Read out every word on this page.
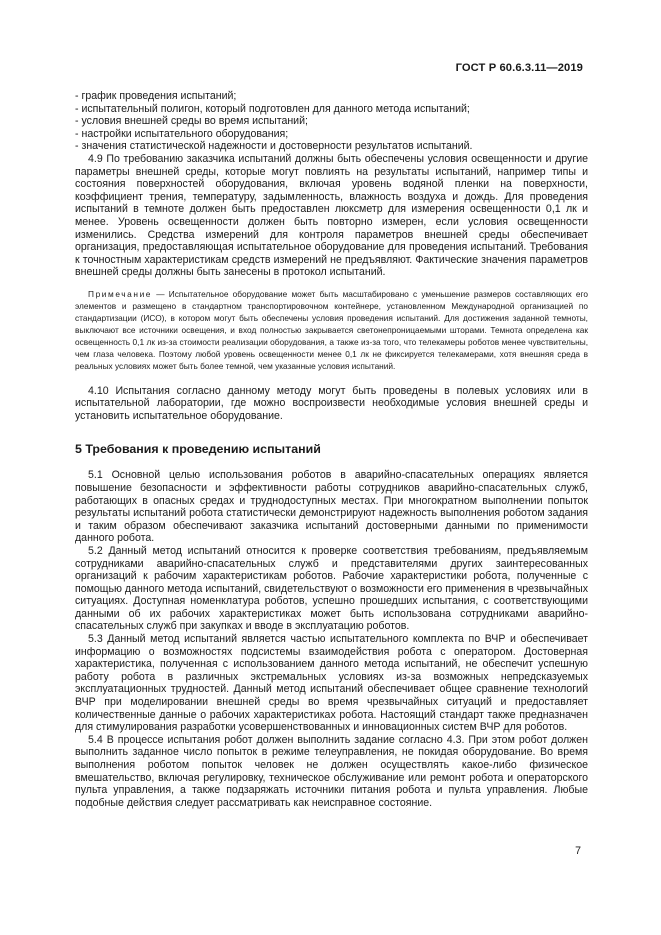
ГОСТ Р 60.6.3.11—2019
- график проведения испытаний;
- испытательный полигон, который подготовлен для данного метода испытаний;
- условия внешней среды во время испытаний;
- настройки испытательного оборудования;
- значения статистической надежности и достоверности результатов испытаний.

4.9 По требованию заказчика испытаний должны быть обеспечены условия освещенности и другие параметры внешней среды, которые могут повлиять на результаты испытаний, например типы и состояния поверхностей оборудования, включая уровень водяной пленки на поверхности, коэффициент трения, температуру, задымленность, влажность воздуха и дождь. Для проведения испытаний в темноте должен быть предоставлен люксметр для измерения освещенности 0,1 лк и менее. Уровень освещенности должен быть повторно измерен, если условия освещенности изменились. Средства измерений для контроля параметров внешней среды обеспечивает организация, предоставляющая испытательное оборудование для проведения испытаний. Требования к точностным характеристикам средств измерений не предъявляют. Фактические значения параметров внешней среды должны быть занесены в протокол испытаний.

Примечание — Испытательное оборудование может быть масштабировано с уменьшение размеров составляющих его элементов и размещено в стандартном транспортировочном контейнере, установленном Международной организацией по стандартизации (ИСО), в котором могут быть обеспечены условия проведения испытаний. Для достижения заданной темноты, выключают все источники освещения, и вход полностью закрывается светонепроницаемыми шторами. Темнота определена как освещенность 0,1 лк из-за стоимости реализации оборудования, а также из-за того, что телекамеры роботов менее чувствительны, чем глаза человека. Поэтому любой уровень освещенности менее 0,1 лк не фиксируется телекамерами, хотя внешняя среда в реальных условиях может быть более темной, чем указанные условия испытаний.

4.10 Испытания согласно данному методу могут быть проведены в полевых условиях или в испытательной лаборатории, где можно воспроизвести необходимые условия внешней среды и установить испытательное оборудование.

5 Требования к проведению испытаний

5.1 Основной целью использования роботов в аварийно-спасательных операциях является повышение безопасности и эффективности работы сотрудников аварийно-спасательных служб, работающих в опасных средах и труднодоступных местах. При многократном выполнении попыток результаты испытаний робота статистически демонстрируют надежность выполнения роботом задания и таким образом обеспечивают заказчика испытаний достоверными данными по применимости данного робота.

5.2 Данный метод испытаний относится к проверке соответствия требованиям, предъявляемым сотрудниками аварийно-спасательных служб и представителями других заинтересованных организаций к рабочим характеристикам роботов. Рабочие характеристики робота, полученные с помощью данного метода испытаний, свидетельствуют о возможности его применения в чрезвычайных ситуациях. Доступная номенклатура роботов, успешно прошедших испытания, с соответствующими данными об их рабочих характеристиках может быть использована сотрудниками аварийно-спасательных служб при закупках и вводе в эксплуатацию роботов.

5.3 Данный метод испытаний является частью испытательного комплекта по ВЧР и обеспечивает информацию о возможностях подсистемы взаимодействия робота с оператором. Достоверная характеристика, полученная с использованием данного метода испытаний, не обеспечит успешную работу робота в различных экстремальных условиях из-за возможных непредсказуемых эксплуатационных трудностей. Данный метод испытаний обеспечивает общее сравнение технологий ВЧР при моделировании внешней среды во время чрезвычайных ситуаций и предоставляет количественные данные о рабочих характеристиках робота. Настоящий стандарт также предназначен для стимулирования разработки усовершенствованных и инновационных систем ВЧР для роботов.

5.4 В процессе испытания робот должен выполнить задание согласно 4.3. При этом робот должен выполнить заданное число попыток в режиме телеуправления, не покидая оборудование. Во время выполнения роботом попыток человек не должен осуществлять какое-либо физическое вмешательство, включая регулировку, техническое обслуживание или ремонт робота и операторского пульта управления, а также подзаряжать источники питания робота и пульта управления. Любые подобные действия следует рассматривать как неисправное состояние.

7
